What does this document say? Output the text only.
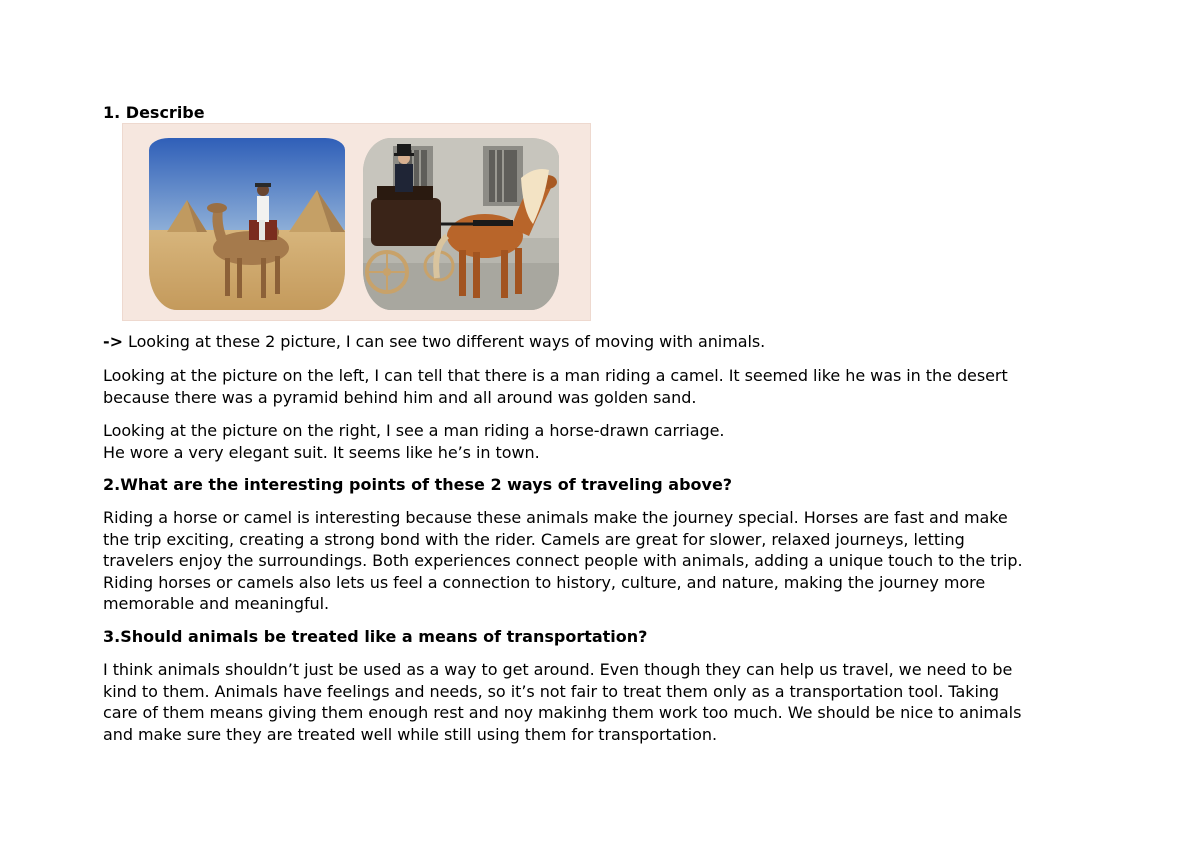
1. Describe

-> Looking at these 2 picture, I can see two different ways of moving with animals.

Looking at the picture on the left, I can tell that there is a man riding a camel. It seemed like he was in the desert
because there was a pyramid behind him and all around was golden sand.

Looking at the picture on the right, I see a man riding a horse-drawn carriage.
He wore a very elegant suit. It seems like he’s in town.

2.What are the interesting points of these 2 ways of traveling above?

Riding a horse or camel is interesting because these animals make the journey special. Horses are fast and make
the trip exciting, creating a strong bond with the rider. Camels are great for slower, relaxed journeys, letting
travelers enjoy the surroundings. Both experiences connect people with animals, adding a unique touch to the trip.
Riding horses or camels also lets us feel a connection to history, culture, and nature, making the journey more
memorable and meaningful.

3.Should animals be treated like a means of transportation?

I think animals shouldn’t just be used as a way to get around. Even though they can help us travel, we need to be
kind to them. Animals have feelings and needs, so it’s not fair to treat them only as a transportation tool. Taking
care of them means giving them enough rest and noy makinhg them work too much. We should be nice to animals
and make sure they are treated well while still using them for transportation.
